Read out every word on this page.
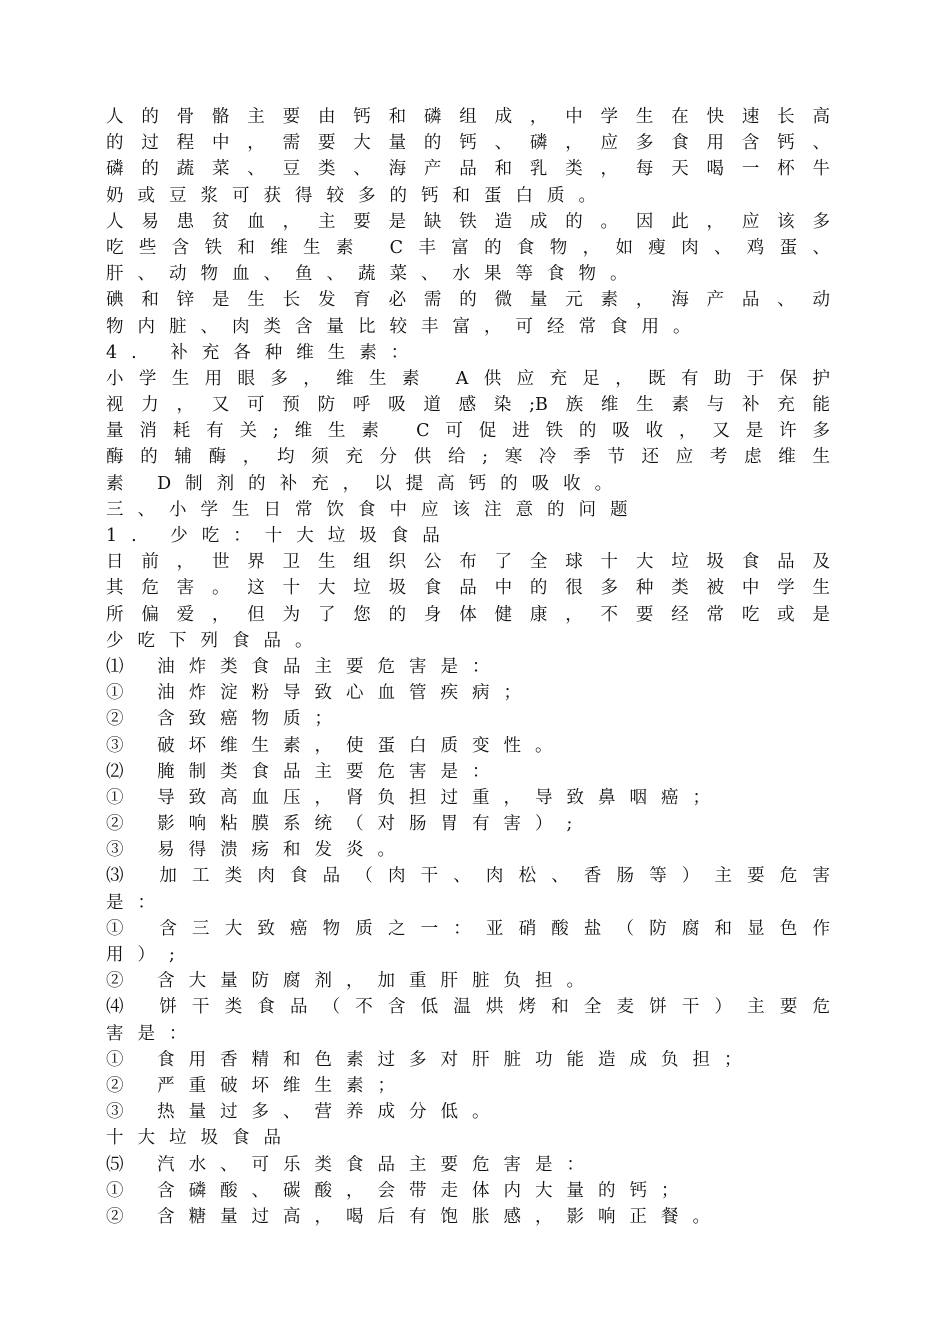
人​的​骨​骼​主​要​由​钙​和​磷​组​成​，​中​学​生​在​快​速​长​高
的​过​程​中​，​需​要​大​量​的​钙​、​磷​，​应​多​食​用​含​钙​、
磷​的​蔬​菜​、​豆​类​、​海​产​品​和​乳​类​，​每​天​喝​一​杯​牛
奶或豆浆可获得较多的钙和蛋白质。
人​易​患​贫​血​，​主​要​是​缺​铁​造​成​的​。​因​此​，​应​该​多
吃​些​含​铁​和​维​生​素​ ​C​丰​富​的​食​物​，​如​瘦​肉​、​鸡​蛋​、
肝、动物血、鱼、蔬菜、水果等食物。
碘​和​锌​是​生​长​发​育​必​需​的​微​量​元​素​，​海​产​品​、​动
物内脏、肉类含量比较丰富，可经常食用。
4. 补充各种维生素：
小​学​生​用​眼​多​，​维​生​素​ ​A​供​应​充​足​，​既​有​助​于​保​护
视​力​，​又​可​预​防​呼​吸​道​感​染​;​B​族​维​生​素​与​补​充​能
量​消​耗​有​关​;​维​生​素​ ​C​可​促​进​铁​的​吸​收​，​又​是​许​多
酶​的​辅​酶​，​均​须​充​分​供​给​;​寒​冷​季​节​还​应​考​虑​维​生
素 D制剂的补充，以提高钙的吸收。
三、小学生日常饮食中应该注意的问题
1. 少吃：十大垃圾食品
日​前​，​世​界​卫​生​组​织​公​布​了​全​球​十​大​垃​圾​食​品​及
其​危​害​。​这​十​大​垃​圾​食​品​中​的​很​多​种​类​被​中​学​生
所​偏​爱​，​但​为​了​您​的​身​体​健​康​，​不​要​经​常​吃​或​是
少吃下列食品。
⑴ 油炸类食品主要危害是：
① 油炸淀粉导致心血管疾病；
② 含致癌物质；
③ 破坏维生素，使蛋白质变性。
⑵ 腌制类食品主要危害是：
① 导致高血压，肾负担过重，导致鼻咽癌；
② 影响粘膜系统（对肠胃有害）;
③ 易得溃疡和发炎。
⑶​ ​加​工​类​肉​食​品​（​肉​干​、​肉​松​、​香​肠​等​）​主​要​危​害
是：
①​ ​含​三​大​致​癌​物​质​之​一​：​亚​硝​酸​盐​（​防​腐​和​显​色​作
用）;
② 含大量防腐剂，加重肝脏负担。
⑷​ ​饼​干​类​食​品​（​不​含​低​温​烘​烤​和​全​麦​饼​干​）​主​要​危
害是：
① 食用香精和色素过多对肝脏功能造成负担；
② 严重破坏维生素；
③ 热量过多、营养成分低。
十大垃圾食品
⑸ 汽水、可乐类食品主要危害是：
① 含磷酸、碳酸，会带走体内大量的钙；
② 含糖量过高，喝后有饱胀感，影响正餐。
